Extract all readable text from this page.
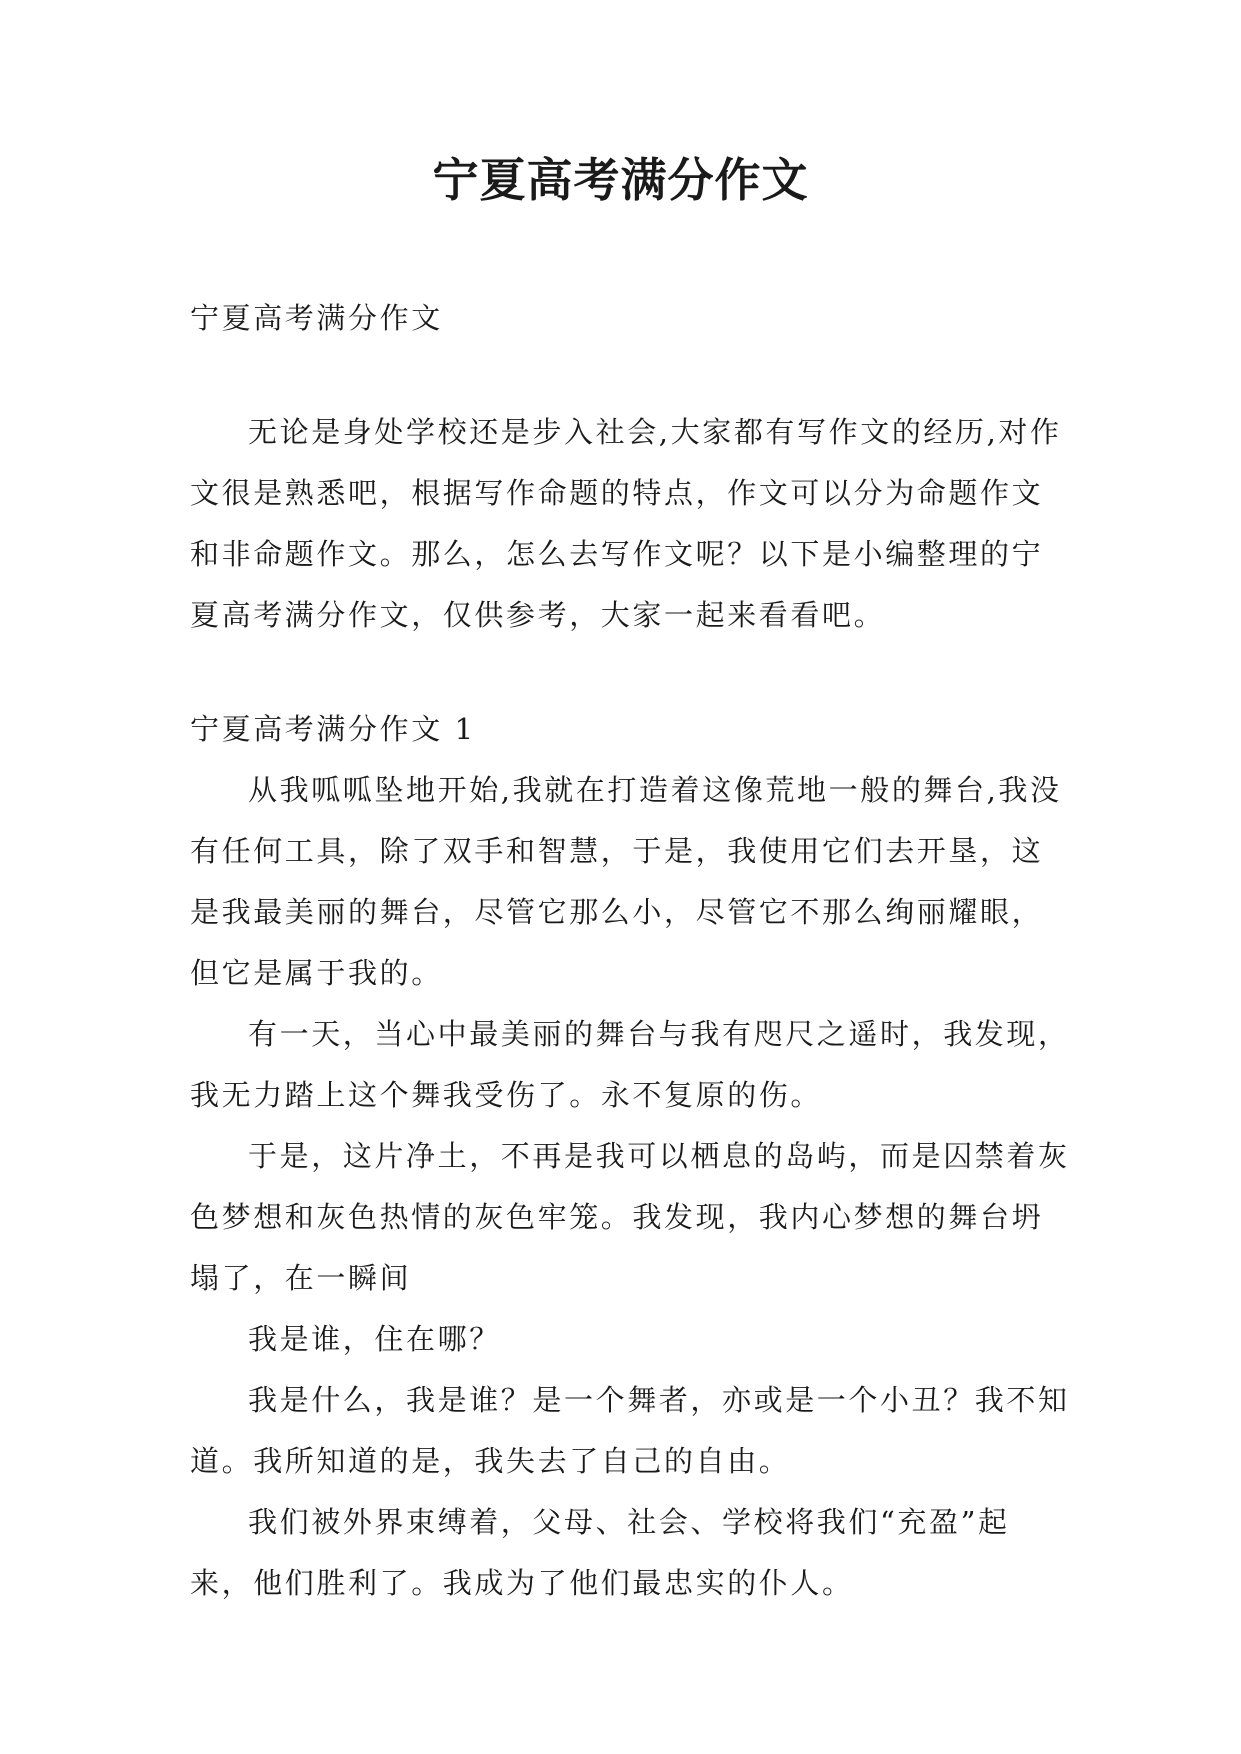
宁夏高考满分作文

宁夏高考满分作文

无论是身处学校还是步入社会,大家都有写作文的经历,对作文很是熟悉吧，根据写作命题的特点，作文可以分为命题作文和非命题作文。那么，怎么去写作文呢？以下是小编整理的宁夏高考满分作文，仅供参考，大家一起来看看吧。

宁夏高考满分作文 1

从我呱呱坠地开始,我就在打造着这像荒地一般的舞台,我没有任何工具，除了双手和智慧，于是，我使用它们去开垦，这是我最美丽的舞台，尽管它那么小，尽管它不那么绚丽耀眼，但它是属于我的。

有一天，当心中最美丽的舞台与我有咫尺之遥时，我发现，我无力踏上这个舞我受伤了。永不复原的伤。

于是，这片净土，不再是我可以栖息的岛屿，而是囚禁着灰色梦想和灰色热情的灰色牢笼。我发现，我内心梦想的舞台坍塌了，在一瞬间

我是谁，住在哪？

我是什么，我是谁？是一个舞者，亦或是一个小丑？我不知道。我所知道的是，我失去了自己的自由。

我们被外界束缚着，父母、社会、学校将我们“充盈”起来，他们胜利了。我成为了他们最忠实的仆人。
